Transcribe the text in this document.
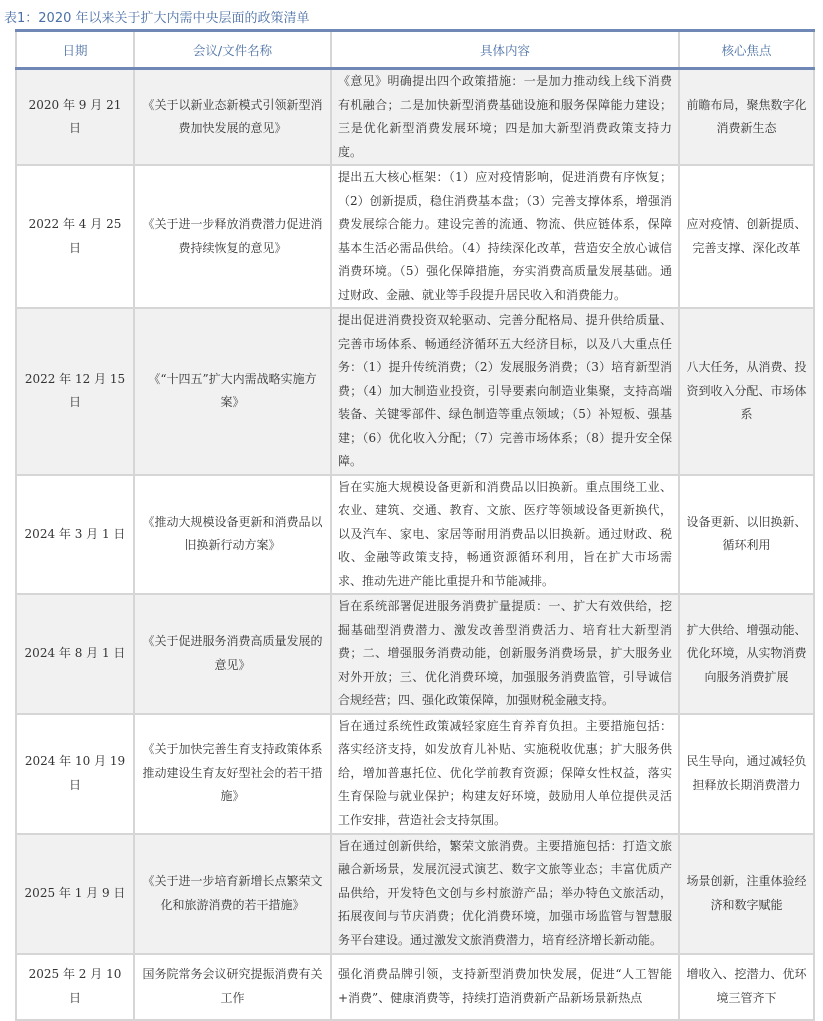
表1：2020 年以来关于扩大内需中央层面的政策清单
日期	会议/文件名称	具体内容	核心焦点
2020 年 9 月 21 日	《关于以新业态新模式引领新型消费加快发展的意见》	《意见》明确提出四个政策措施：一是加力推动线上线下消费有机融合；二是加快新型消费基础设施和服务保障能力建设；三是优化新型消费发展环境；四是加大新型消费政策支持力度。	前瞻布局，聚焦数字化消费新生态
2022 年 4 月 25 日	《关于进一步释放消费潜力促进消费持续恢复的意见》	提出五大核心框架：（1）应对疫情影响，促进消费有序恢复；（2）创新提质，稳住消费基本盘；（3）完善支撑体系，增强消费发展综合能力。建设完善的流通、物流、供应链体系，保障基本生活必需品供给。（4）持续深化改革，营造安全放心诚信消费环境。（5）强化保障措施，夯实消费高质量发展基础。通过财政、金融、就业等手段提升居民收入和消费能力。	应对疫情、创新提质、完善支撑、深化改革
2022 年 12 月 15 日	《“十四五”扩大内需战略实施方案》	提出促进消费投资双轮驱动、完善分配格局、提升供给质量、完善市场体系、畅通经济循环五大经济目标，以及八大重点任务：（1）提升传统消费；（2）发展服务消费；（3）培育新型消费；（4）加大制造业投资，引导要素向制造业集聚，支持高端装备、关键零部件、绿色制造等重点领域；（5）补短板、强基建；（6）优化收入分配；（7）完善市场体系；（8）提升安全保障。	八大任务，从消费、投资到收入分配、市场体系
2024 年 3 月 1 日	《推动大规模设备更新和消费品以旧换新行动方案》	旨在实施大规模设备更新和消费品以旧换新。重点围绕工业、农业、建筑、交通、教育、文旅、医疗等领域设备更新换代，以及汽车、家电、家居等耐用消费品以旧换新。通过财政、税收、金融等政策支持，畅通资源循环利用，旨在扩大市场需求、推动先进产能比重提升和节能减排。	设备更新、以旧换新、循环利用
2024 年 8 月 1 日	《关于促进服务消费高质量发展的意见》	旨在系统部署促进服务消费扩量提质：一、扩大有效供给，挖掘基础型消费潜力、激发改善型消费活力、培育壮大新型消费；二、增强服务消费动能，创新服务消费场景，扩大服务业对外开放；三、优化消费环境，加强服务消费监管，引导诚信合规经营；四、强化政策保障，加强财税金融支持。	扩大供给、增强动能、优化环境，从实物消费向服务消费扩展
2024 年 10 月 19 日	《关于加快完善生育支持政策体系推动建设生育友好型社会的若干措施》	旨在通过系统性政策减轻家庭生育养育负担。主要措施包括：落实经济支持，如发放育儿补贴、实施税收优惠；扩大服务供给，增加普惠托位、优化学前教育资源；保障女性权益，落实生育保险与就业保护；构建友好环境，鼓励用人单位提供灵活工作安排，营造社会支持氛围。	民生导向，通过减轻负担释放长期消费潜力
2025 年 1 月 9 日	《关于进一步培育新增长点繁荣文化和旅游消费的若干措施》	旨在通过创新供给，繁荣文旅消费。主要措施包括：打造文旅融合新场景，发展沉浸式演艺、数字文旅等业态；丰富优质产品供给，开发特色文创与乡村旅游产品；举办特色文旅活动，拓展夜间与节庆消费；优化消费环境，加强市场监管与智慧服务平台建设。通过激发文旅消费潜力，培育经济增长新动能。	场景创新，注重体验经济和数字赋能
2025 年 2 月 10 日	国务院常务会议研究提振消费有关工作	强化消费品牌引领，支持新型消费加快发展，促进“人工智能+消费”、健康消费等，持续打造消费新产品新场景新热点	增收入、挖潜力、优环境三管齐下
